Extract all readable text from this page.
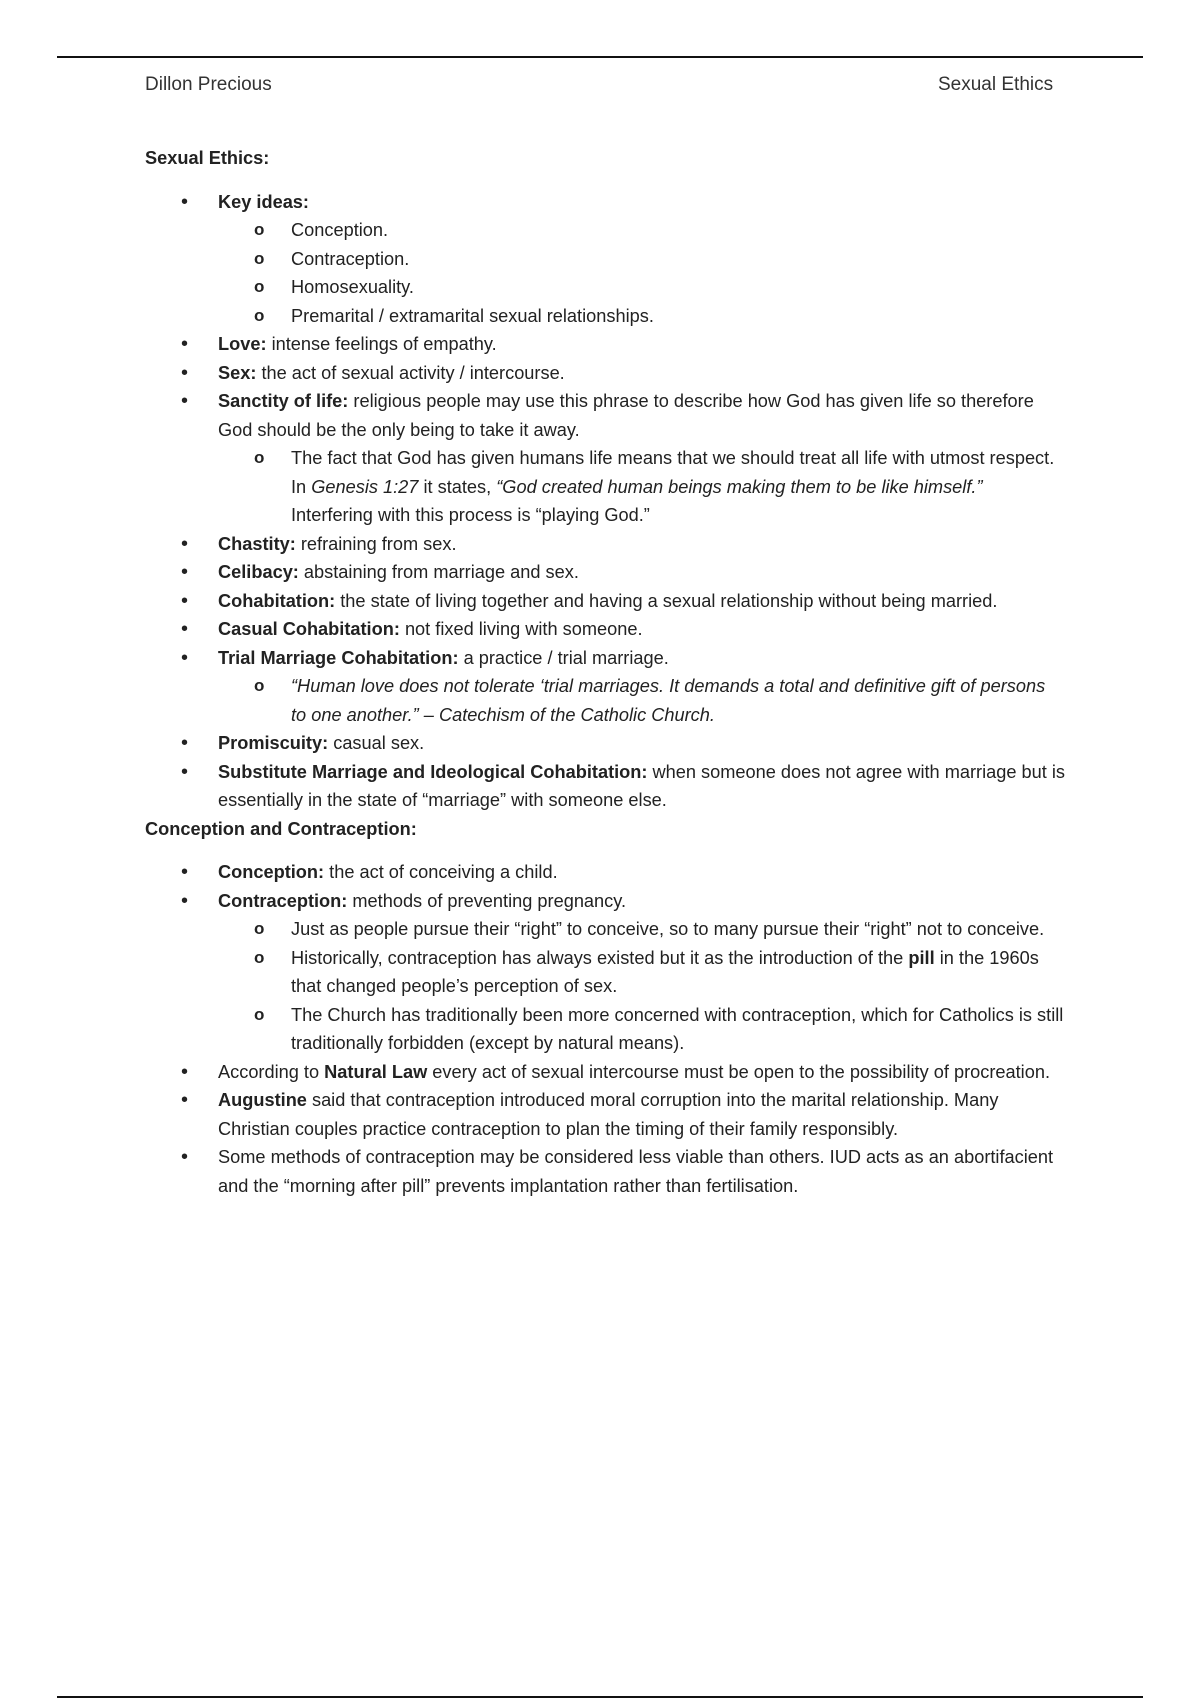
Dillon Precious	Sexual Ethics
Sexual Ethics:
• Key ideas:
o Conception.
o Contraception.
o Homosexuality.
o Premarital / extramarital sexual relationships.
• Love: intense feelings of empathy.
• Sex: the act of sexual activity / intercourse.
• Sanctity of life: religious people may use this phrase to describe how God has given life so therefore God should be the only being to take it away.
o The fact that God has given humans life means that we should treat all life with utmost respect. In Genesis 1:27 it states, “God created human beings making them to be like himself.” Interfering with this process is “playing God.”
• Chastity: refraining from sex.
• Celibacy: abstaining from marriage and sex.
• Cohabitation: the state of living together and having a sexual relationship without being married.
• Casual Cohabitation: not fixed living with someone.
• Trial Marriage Cohabitation: a practice / trial marriage.
o “Human love does not tolerate ‘trial marriages. It demands a total and definitive gift of persons to one another.” – Catechism of the Catholic Church.
• Promiscuity: casual sex.
• Substitute Marriage and Ideological Cohabitation: when someone does not agree with marriage but is essentially in the state of “marriage” with someone else.
Conception and Contraception:
• Conception: the act of conceiving a child.
• Contraception: methods of preventing pregnancy.
o Just as people pursue their “right” to conceive, so to many pursue their “right” not to conceive.
o Historically, contraception has always existed but it as the introduction of the pill in the 1960s that changed people’s perception of sex.
o The Church has traditionally been more concerned with contraception, which for Catholics is still traditionally forbidden (except by natural means).
• According to Natural Law every act of sexual intercourse must be open to the possibility of procreation.
• Augustine said that contraception introduced moral corruption into the marital relationship. Many Christian couples practice contraception to plan the timing of their family responsibly.
• Some methods of contraception may be considered less viable than others. IUD acts as an abortifacient and the “morning after pill” prevents implantation rather than fertilisation.
